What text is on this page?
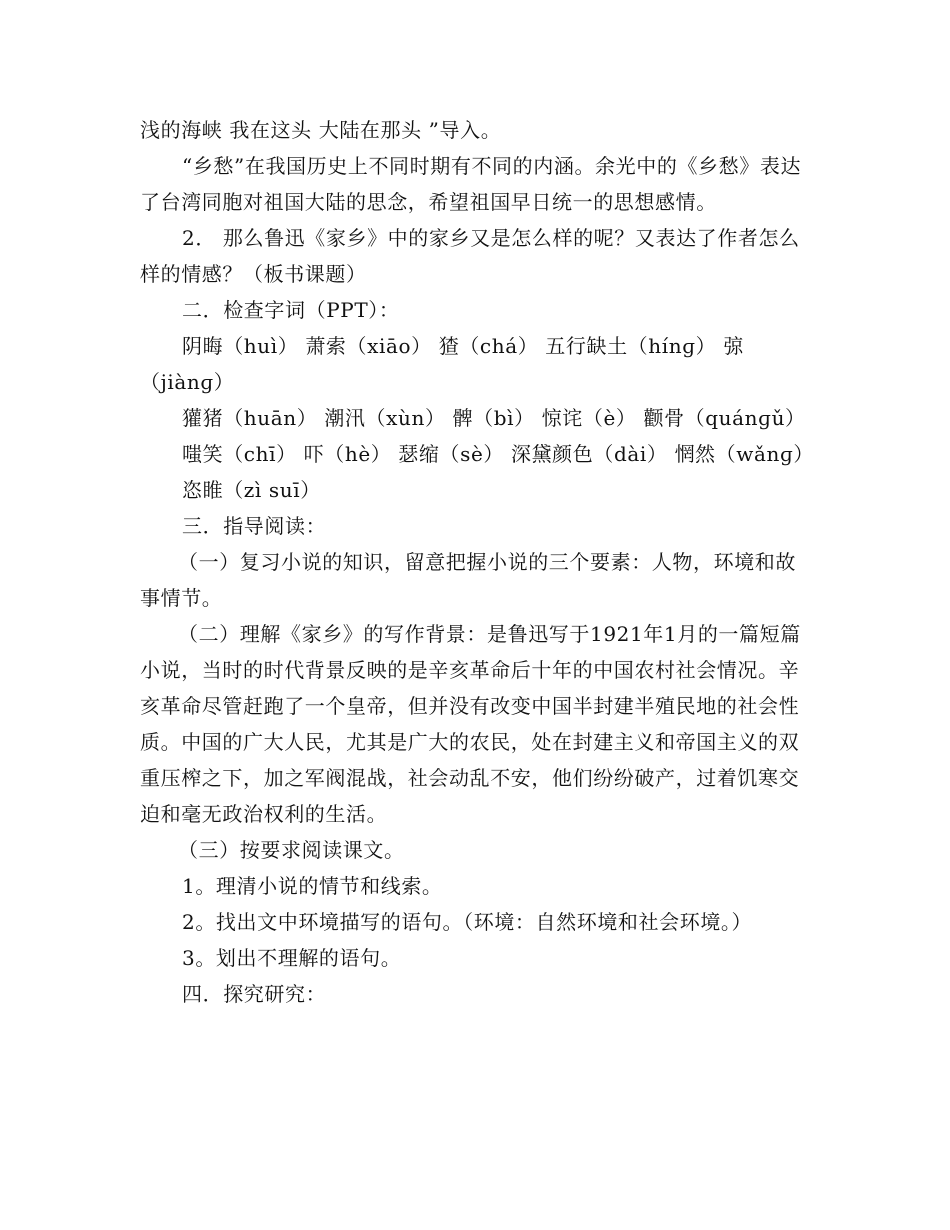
浅的海峡 我在这头 大陆在那头 ”导入。

“乡愁”在我国历史上不同时期有不同的内涵。余光中的《乡愁》表达了台湾同胞对祖国大陆的思念，希望祖国早日统一的思想感情。

2． 那么鲁迅《家乡》中的家乡又是怎么样的呢？又表达了作者怎么样的情感？（板书课题）

二．检查字词（PPT）：

阴晦（huì） 萧索（xiāo） 猹（chá） 五行缺土（hínɡ） 弶（jiànɡ）

獾猪（huān） 潮汛（xùn） 髀（bì） 惊诧（è） 颧骨（quánɡǔ）

嗤笑（chī） 吓（hè） 瑟缩（sè） 深黛颜色（dài） 惘然（wǎnɡ）

恣睢（zì suī）

三．指导阅读：

（一）复习小说的知识，留意把握小说的三个要素：人物，环境和故事情节。

（二）理解《家乡》的写作背景：是鲁迅写于1921年1月的一篇短篇小说，当时的时代背景反映的是辛亥革命后十年的中国农村社会情况。辛亥革命尽管赶跑了一个皇帝，但并没有改变中国半封建半殖民地的社会性质。中国的广大人民，尤其是广大的农民，处在封建主义和帝国主义的双重压榨之下，加之军阀混战，社会动乱不安，他们纷纷破产，过着饥寒交迫和毫无政治权利的生活。

（三）按要求阅读课文。

1。理清小说的情节和线索。

2。找出文中环境描写的语句。（环境：自然环境和社会环境。）

3。划出不理解的语句。

四．探究研究：
